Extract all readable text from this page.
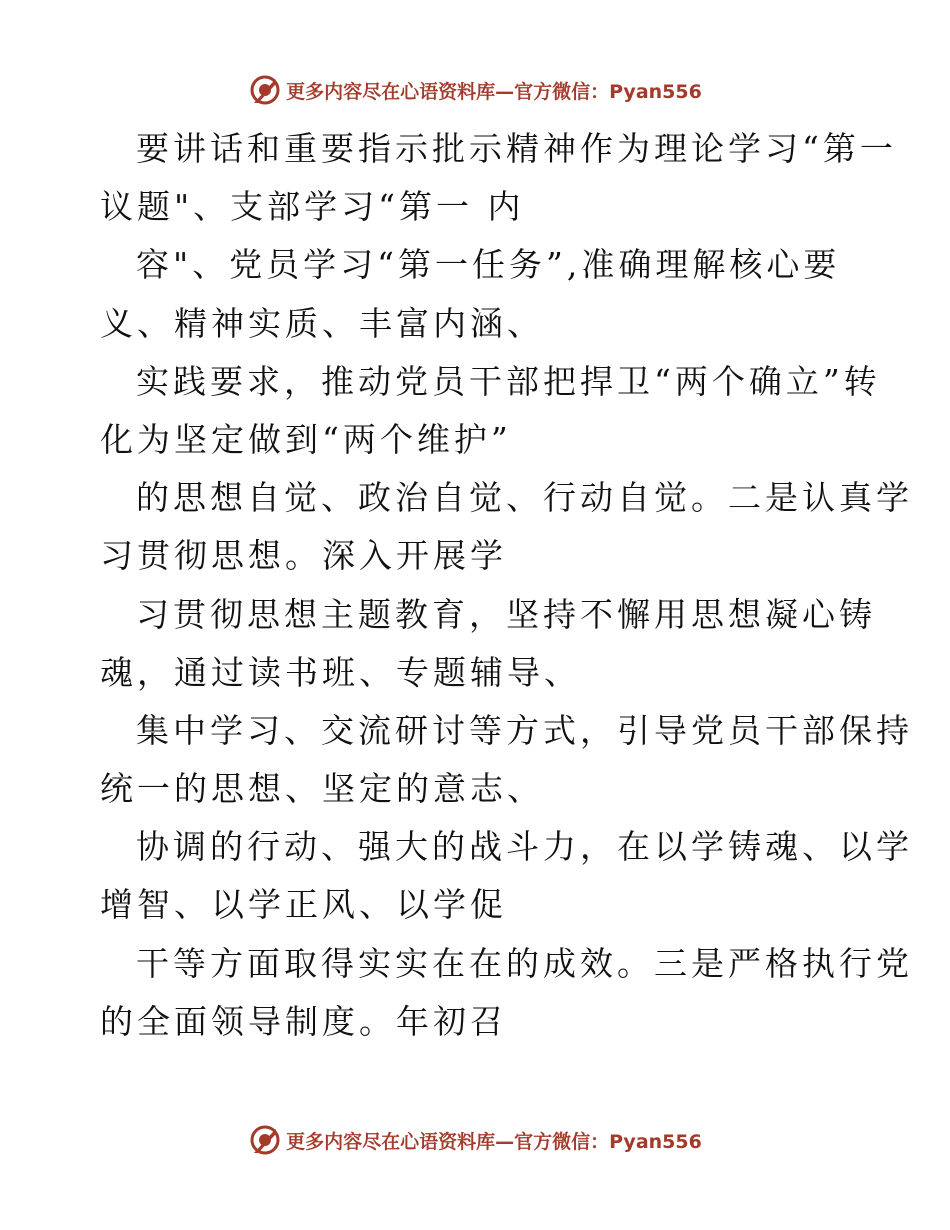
更多内容尽在心语资料库—官方微信：Pyan556
要讲话和重要指示批示精神作为理论学习“第一
议题"、支部学习“第一 内
容"、党员学习“第一任务”,准确理解核心要
义、精神实质、丰富内涵、
实践要求，推动党员干部把捍卫“两个确立”转
化为坚定做到“两个维护”
的思想自觉、政治自觉、行动自觉。二是认真学
习贯彻思想。深入开展学
习贯彻思想主题教育，坚持不懈用思想凝心铸
魂，通过读书班、专题辅导、
集中学习、交流研讨等方式，引导党员干部保持
统一的思想、坚定的意志、
协调的行动、强大的战斗力，在以学铸魂、以学
增智、以学正风、以学促
干等方面取得实实在在的成效。三是严格执行党
的全面领导制度。年初召
更多内容尽在心语资料库—官方微信：Pyan556
